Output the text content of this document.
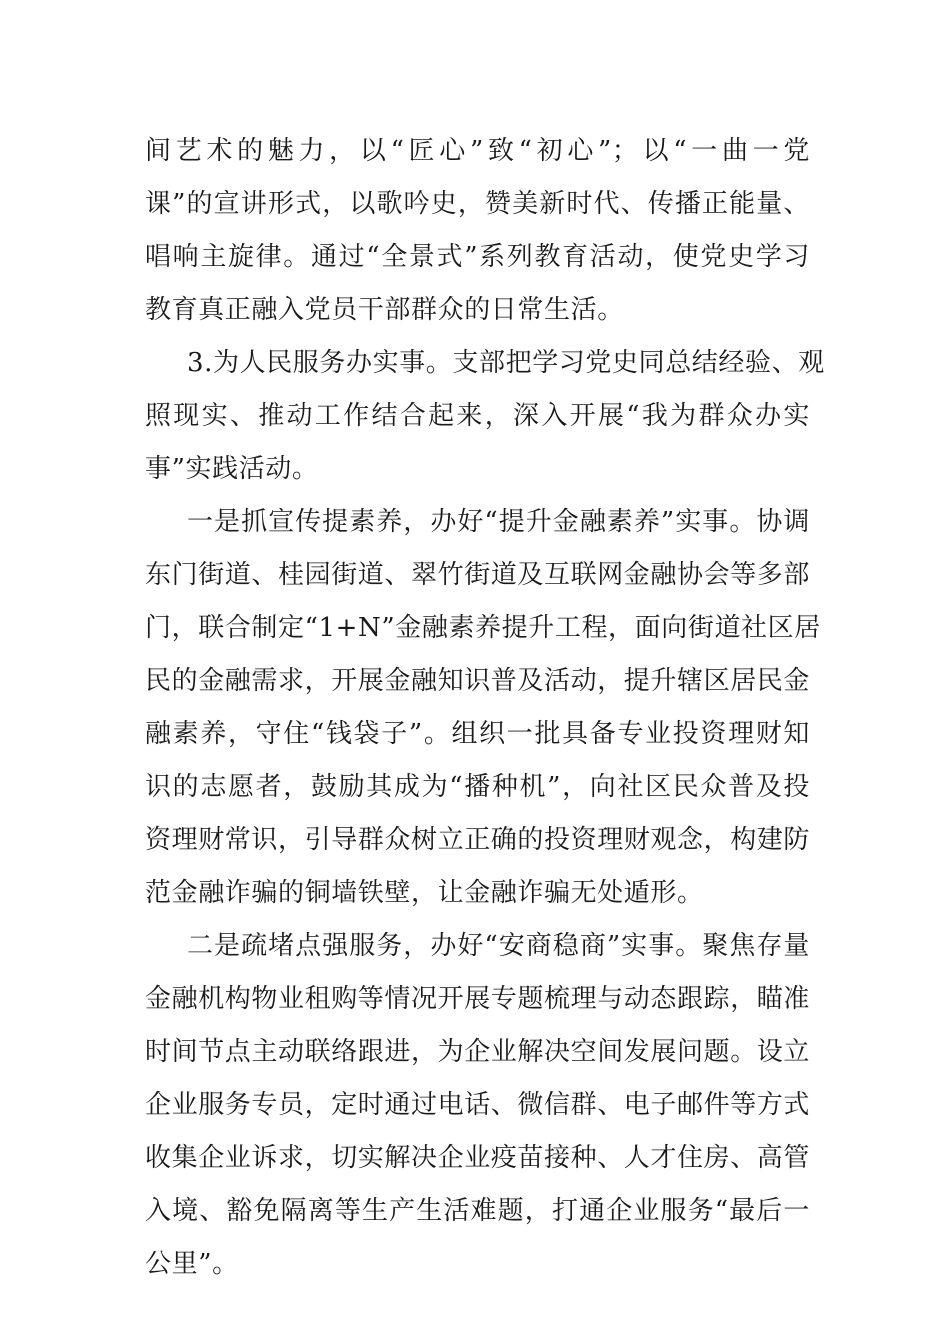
间艺术的魅力，以“匠心”致“初心”；以“一曲一党
课”的宣讲形式，以歌吟史，赞美新时代、传播正能量、
唱响主旋律。通过“全景式”系列教育活动，使党史学习
教育真正融入党员干部群众的日常生活。
3.为人民服务办实事。支部把学习党史同总结经验、观
照现实、推动工作结合起来，深入开展“我为群众办实
事”实践活动。
一是抓宣传提素养，办好“提升金融素养”实事。协调
东门街道、桂园街道、翠竹街道及互联网金融协会等多部
门，联合制定“1+N”金融素养提升工程，面向街道社区居
民的金融需求，开展金融知识普及活动，提升辖区居民金
融素养，守住“钱袋子”。组织一批具备专业投资理财知
识的志愿者，鼓励其成为“播种机”，向社区民众普及投
资理财常识，引导群众树立正确的投资理财观念，构建防
范金融诈骗的铜墙铁壁，让金融诈骗无处遁形。
二是疏堵点强服务，办好“安商稳商”实事。聚焦存量
金融机构物业租购等情况开展专题梳理与动态跟踪，瞄准
时间节点主动联络跟进，为企业解决空间发展问题。设立
企业服务专员，定时通过电话、微信群、电子邮件等方式
收集企业诉求，切实解决企业疫苗接种、人才住房、高管
入境、豁免隔离等生产生活难题，打通企业服务“最后一
公里”。
